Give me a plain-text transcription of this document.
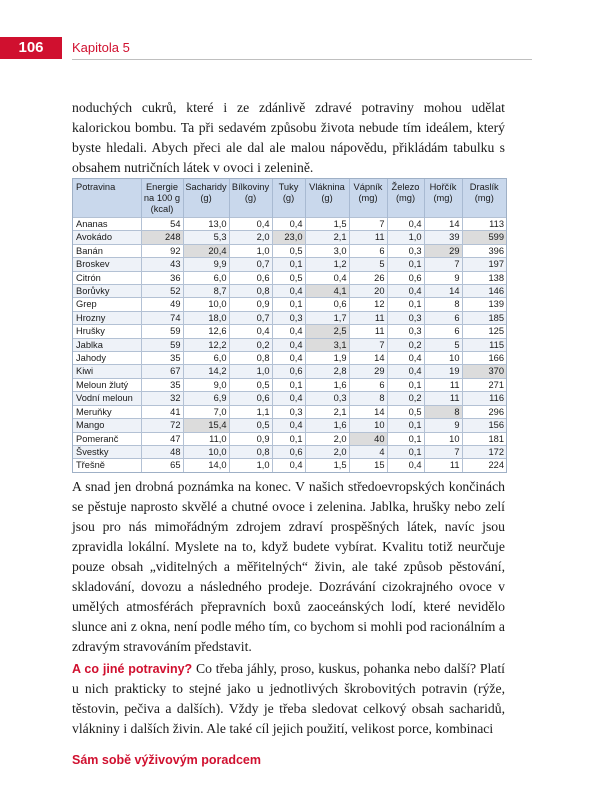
106	Kapitola 5

noduchých cukrů, které i ze zdánlivě zdravé potraviny mohou udělat kalorickou bombu. Ta při sedavém způsobu života nebude tím ideálem, který byste hledali. Abych přeci ale dal ale malou nápovědu, přikládám tabulku s obsahem nutričních látek v ovoci i zelenině.

Potravina	Energie na 100 g (kcal)	Sacharidy (g)	Bílkoviny (g)	Tuky (g)	Vláknina (g)	Vápník (mg)	Železo (mg)	Hořčík (mg)	Draslík (mg)
Ananas	54	13,0	0,4	0,4	1,5	7	0,4	14	113
Avokádo	248	5,3	2,0	23,0	2,1	11	1,0	39	599
Banán	92	20,4	1,0	0,5	3,0	6	0,3	29	396
Broskev	43	9,9	0,7	0,1	1,2	5	0,1	7	197
Citrón	36	6,0	0,6	0,5	0,4	26	0,6	9	138
Borůvky	52	8,7	0,8	0,4	4,1	20	0,4	14	146
Grep	49	10,0	0,9	0,1	0,6	12	0,1	8	139
Hrozny	74	18,0	0,7	0,3	1,7	11	0,3	6	185
Hrušky	59	12,6	0,4	0,4	2,5	11	0,3	6	125
Jablka	59	12,2	0,2	0,4	3,1	7	0,2	5	115
Jahody	35	6,0	0,8	0,4	1,9	14	0,4	10	166
Kiwi	67	14,2	1,0	0,6	2,8	29	0,4	19	370
Meloun žlutý	35	9,0	0,5	0,1	1,6	6	0,1	11	271
Vodní meloun	32	6,9	0,6	0,4	0,3	8	0,2	11	116
Meruňky	41	7,0	1,1	0,3	2,1	14	0,5	8	296
Mango	72	15,4	0,5	0,4	1,6	10	0,1	9	156
Pomeranč	47	11,0	0,9	0,1	2,0	40	0,1	10	181
Švestky	48	10,0	0,8	0,6	2,0	4	0,1	7	172
Třešně	65	14,0	1,0	0,4	1,5	15	0,4	11	224

A snad jen drobná poznámka na konec. V našich středoevropských končinách se pěstuje naprosto skvělé a chutné ovoce i zelenina. Jablka, hrušky nebo zelí jsou pro nás mimořádným zdrojem zdraví prospěšných látek, navíc jsou zpravidla lokální. Myslete na to, když budete vybírat. Kvalitu totiž neurčuje pouze obsah „viditelných a měřitelných“ živin, ale také způsob pěstování, skladování, dovozu a následného prodeje. Dozrávání cizokrajného ovoce v umělých atmosférách přepravních boxů zaoceánských lodí, které nevidělo slunce ani z okna, není podle mého tím, co bychom si mohli pod racionálním a zdravým stravováním představit.

A co jiné potraviny? Co třeba jáhly, proso, kuskus, pohanka nebo další? Platí u nich prakticky to stejné jako u jednotlivých škrobovitých potravin (rýže, těstovin, pečiva a dalších). Vždy je třeba sledovat celkový obsah sacharidů, vlákniny i dalších živin. Ale také cíl jejich použití, velikost porce, kombinaci

Sám sobě výživovým poradcem
